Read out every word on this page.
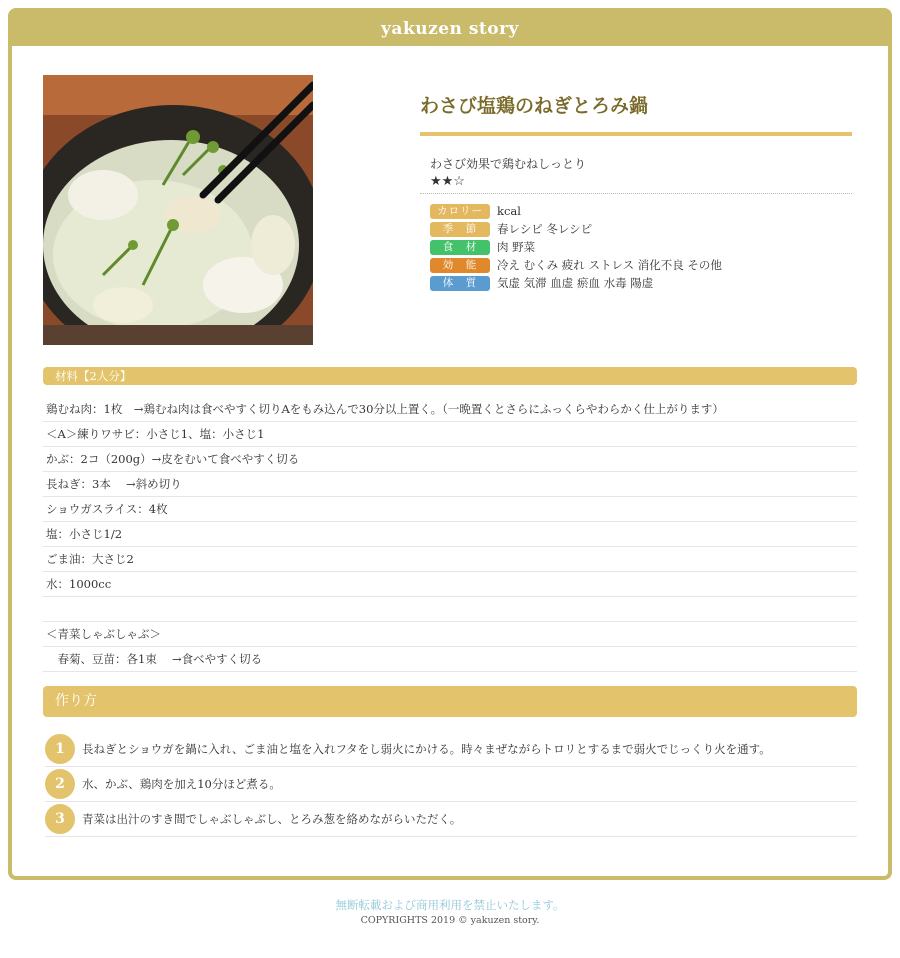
yakuzen story
わさび塩鶏のねぎとろみ鍋
わさび効果で鶏むねしっとり
★★☆
カロリー	kcal
季　節	春レシピ 冬レシピ
食　材	肉 野菜
効　能	冷え むくみ 疲れ ストレス 消化不良 その他
体　質	気虚 気滞 血虚 瘀血 水毒 陽虚
材料【2人分】
鶏むね肉：1枚　→鶏むね肉は食べやすく切りAをもみ込んで30分以上置く。（一晩置くとさらにふっくらやわらかく仕上がります）
＜A＞練りワサビ：小さじ1、塩：小さじ1
かぶ：2コ（200g）→皮をむいて食べやすく切る
長ねぎ：3本　 →斜め切り
ショウガスライス：4枚
塩：小さじ1/2
ごま油：大さじ2
水：1000cc
＜青菜しゃぶしゃぶ＞
　春菊、豆苗：各1束　 →食べやすく切る
作り方
1	長ねぎとショウガを鍋に入れ、ごま油と塩を入れフタをし弱火にかける。時々まぜながらトロリとするまで弱火でじっくり火を通す。
2	水、かぶ、鶏肉を加え10分ほど煮る。
3	青菜は出汁のすき間でしゃぶしゃぶし、とろみ葱を絡めながらいただく。
無断転載および商用利用を禁止いたします。
COPYRIGHTS 2019 © yakuzen story.
